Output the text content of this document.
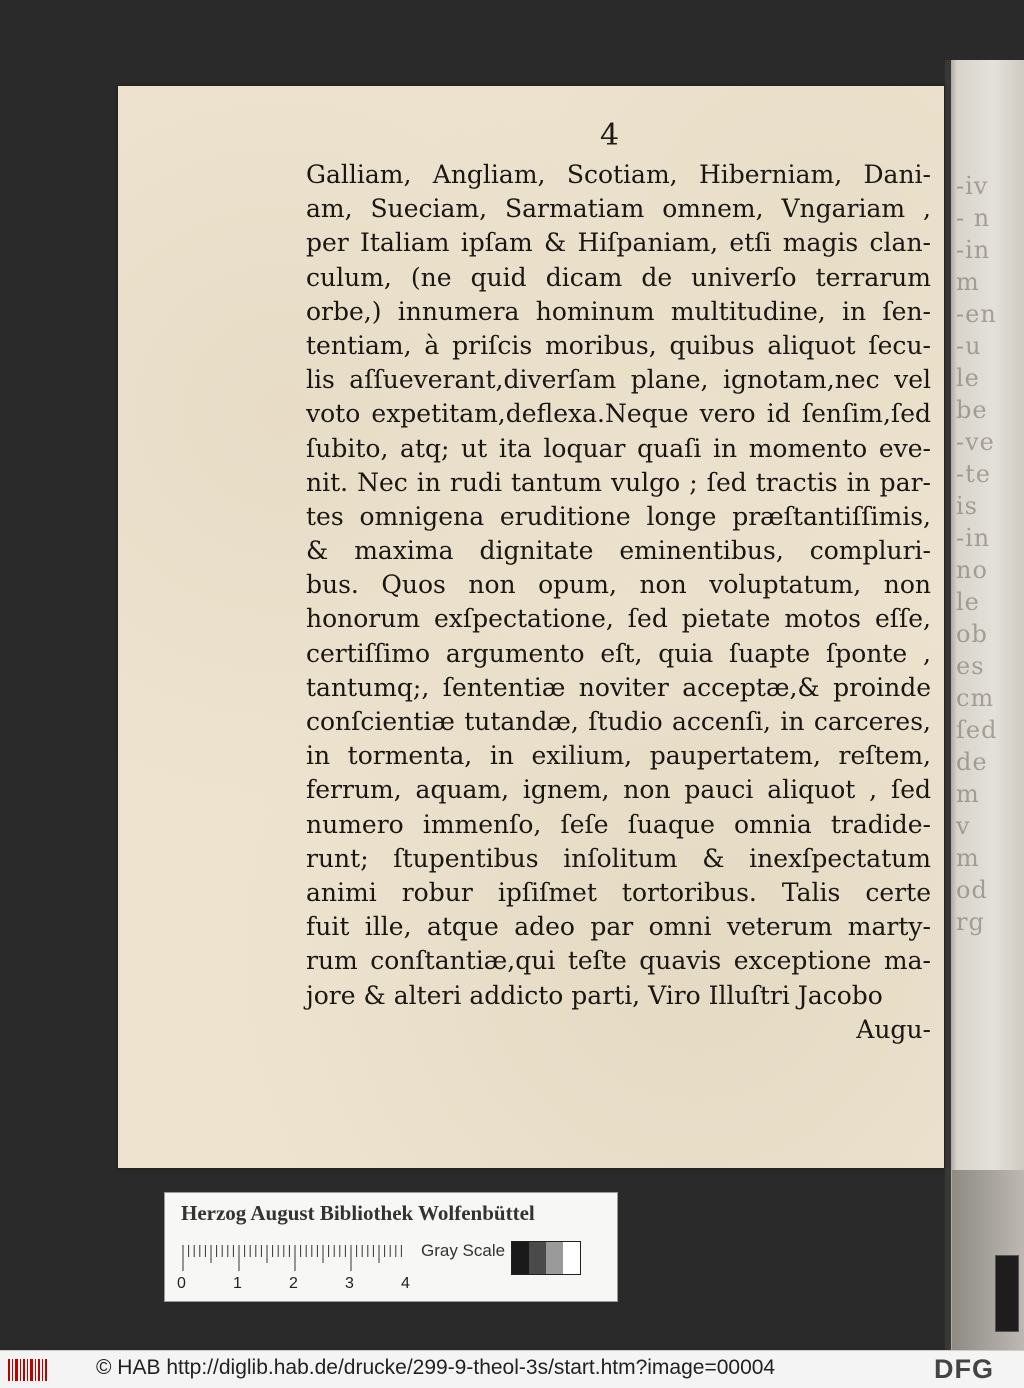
-iv
- n
-in
m
-en
-u
le
be
-ve
-te
is
-in
no
le
ob
es
cm
ſed
de
m
v
m
od
rg
4
Galliam, Angliam, Scotiam, Hiberniam, Dani-
am, Sueciam, Sarmatiam omnem, Vngariam ,
per Italiam ipſam & Hiſpaniam, etſi magis clan-
culum, (ne quid dicam de univerſo terrarum
orbe,) innumera hominum multitudine, in ſen-
tentiam, à priſcis moribus, quibus aliquot ſecu-
lis aſſueverant,diverſam plane, ignotam,nec vel
voto expetitam,deflexa.Neque vero id ſenſim,ſed
ſubito, atq; ut ita loquar quaſi in momento eve-
nit. Nec in rudi tantum vulgo ; ſed tractis in par-
tes omnigena eruditione longe præſtantiſſimis,
& maxima dignitate eminentibus, compluri-
bus. Quos non opum, non voluptatum, non
honorum exſpectatione, ſed pietate motos eſſe,
certiſſimo argumento eſt, quia ſuapte ſponte ,
tantumq;, ſententiæ noviter acceptæ,& proinde
conſcientiæ tutandæ, ſtudio accenſi, in carceres,
in tormenta, in exilium, paupertatem, reſtem,
ferrum, aquam, ignem, non pauci aliquot , ſed
numero immenſo, ſeſe ſuaque omnia tradide-
runt; ſtupentibus inſolitum & inexſpectatum
animi robur ipſiſmet tortoribus. Talis certe
fuit ille, atque adeo par omni veterum marty-
rum conſtantiæ,qui teſte quavis exceptione ma-
jore & alteri addicto parti, Viro Illuſtri Jacobo
Augu-
Herzog August Bibliothek Wolfenbüttel
0	1	2	3	4
Gray Scale
© HAB http://diglib.hab.de/drucke/299-9-theol-3s/start.htm?image=00004	DFG
